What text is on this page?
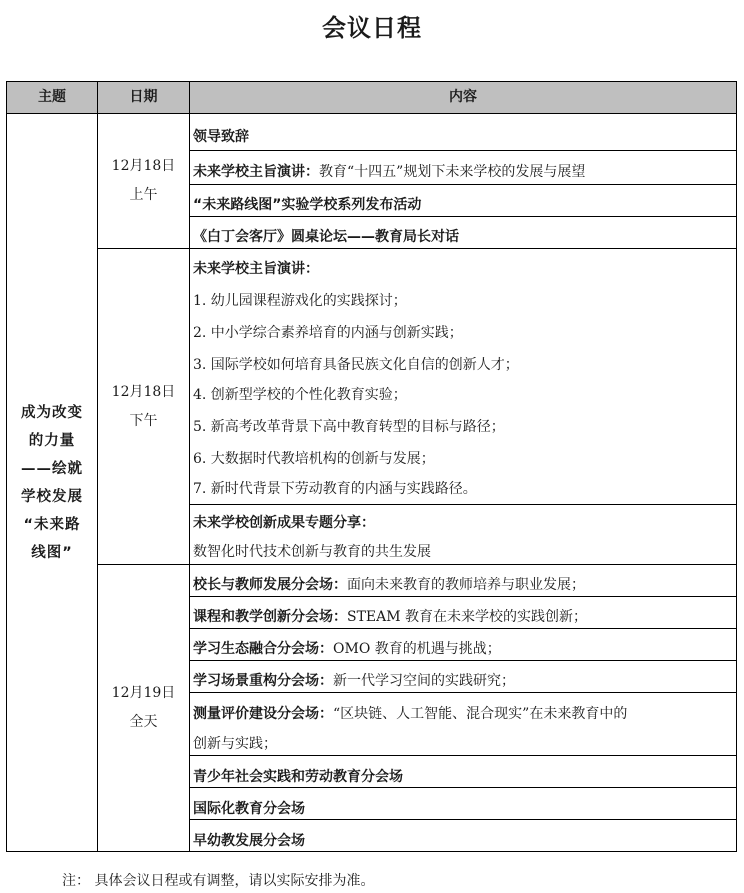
会议日程
主题	日期	内容
成为改变
的力量
——绘就
学校发展
“未来路
线图”
12月18日
上午
12月18日
下午
12月19日
全天
领导致辞
未来学校主旨演讲：教育“十四五”规划下未来学校的发展与展望
“未来路线图”实验学校系列发布活动
《白丁会客厅》圆桌论坛——教育局长对话
未来学校主旨演讲：
1. 幼儿园课程游戏化的实践探讨；
2. 中小学综合素养培育的内涵与创新实践；
3. 国际学校如何培育具备民族文化自信的创新人才；
4. 创新型学校的个性化教育实验；
5. 新高考改革背景下高中教育转型的目标与路径；
6. 大数据时代教培机构的创新与发展；
7. 新时代背景下劳动教育的内涵与实践路径。
未来学校创新成果专题分享：
数智化时代技术创新与教育的共生发展
校长与教师发展分会场：面向未来教育的教师培养与职业发展；
课程和教学创新分会场：STEAM 教育在未来学校的实践创新；
学习生态融合分会场：OMO 教育的机遇与挑战；
学习场景重构分会场：新一代学习空间的实践研究；
测量评价建设分会场：“区块链、人工智能、混合现实”在未来教育中的
创新与实践；
青少年社会实践和劳动教育分会场
国际化教育分会场
早幼教发展分会场
注： 具体会议日程或有调整，请以实际安排为准。
